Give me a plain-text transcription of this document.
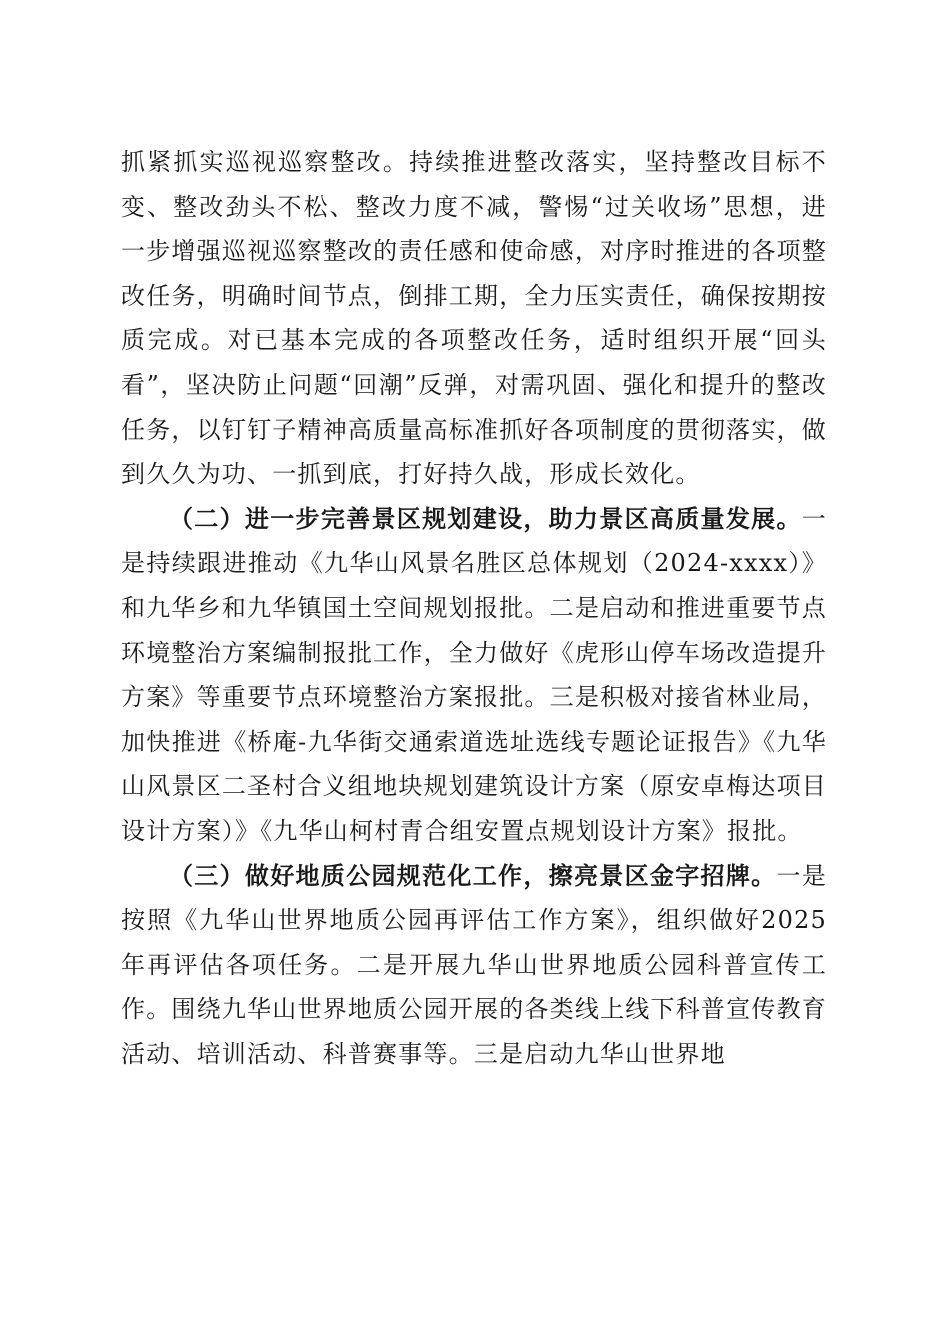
抓紧抓实巡视巡察整改。持续推进整改落实，坚持整改目标不变、整改劲头不松、整改力度不减，警惕“过关收场”思想，进一步增强巡视巡察整改的责任感和使命感，对序时推进的各项整改任务，明确时间节点，倒排工期，全力压实责任，确保按期按质完成。对已基本完成的各项整改任务，适时组织开展“回头看”，坚决防止问题“回潮”反弹，对需巩固、强化和提升的整改任务，以钉钉子精神高质量高标准抓好各项制度的贯彻落实，做到久久为功、一抓到底，打好持久战，形成长效化。

（二）进一步完善景区规划建设，助力景区高质量发展。一是持续跟进推动《九华山风景名胜区总体规划（2024-xxxx）》和九华乡和九华镇国土空间规划报批。二是启动和推进重要节点环境整治方案编制报批工作，全力做好《虎形山停车场改造提升方案》等重要节点环境整治方案报批。三是积极对接省林业局，加快推进《桥庵-九华街交通索道选址选线专题论证报告》《九华山风景区二圣村合义组地块规划建筑设计方案（原安卓梅达项目设计方案）》《九华山柯村青合组安置点规划设计方案》报批。

（三）做好地质公园规范化工作，擦亮景区金字招牌。一是按照《九华山世界地质公园再评估工作方案》，组织做好2025年再评估各项任务。二是开展九华山世界地质公园科普宣传工作。围绕九华山世界地质公园开展的各类线上线下科普宣传教育活动、培训活动、科普赛事等。三是启动九华山世界地
